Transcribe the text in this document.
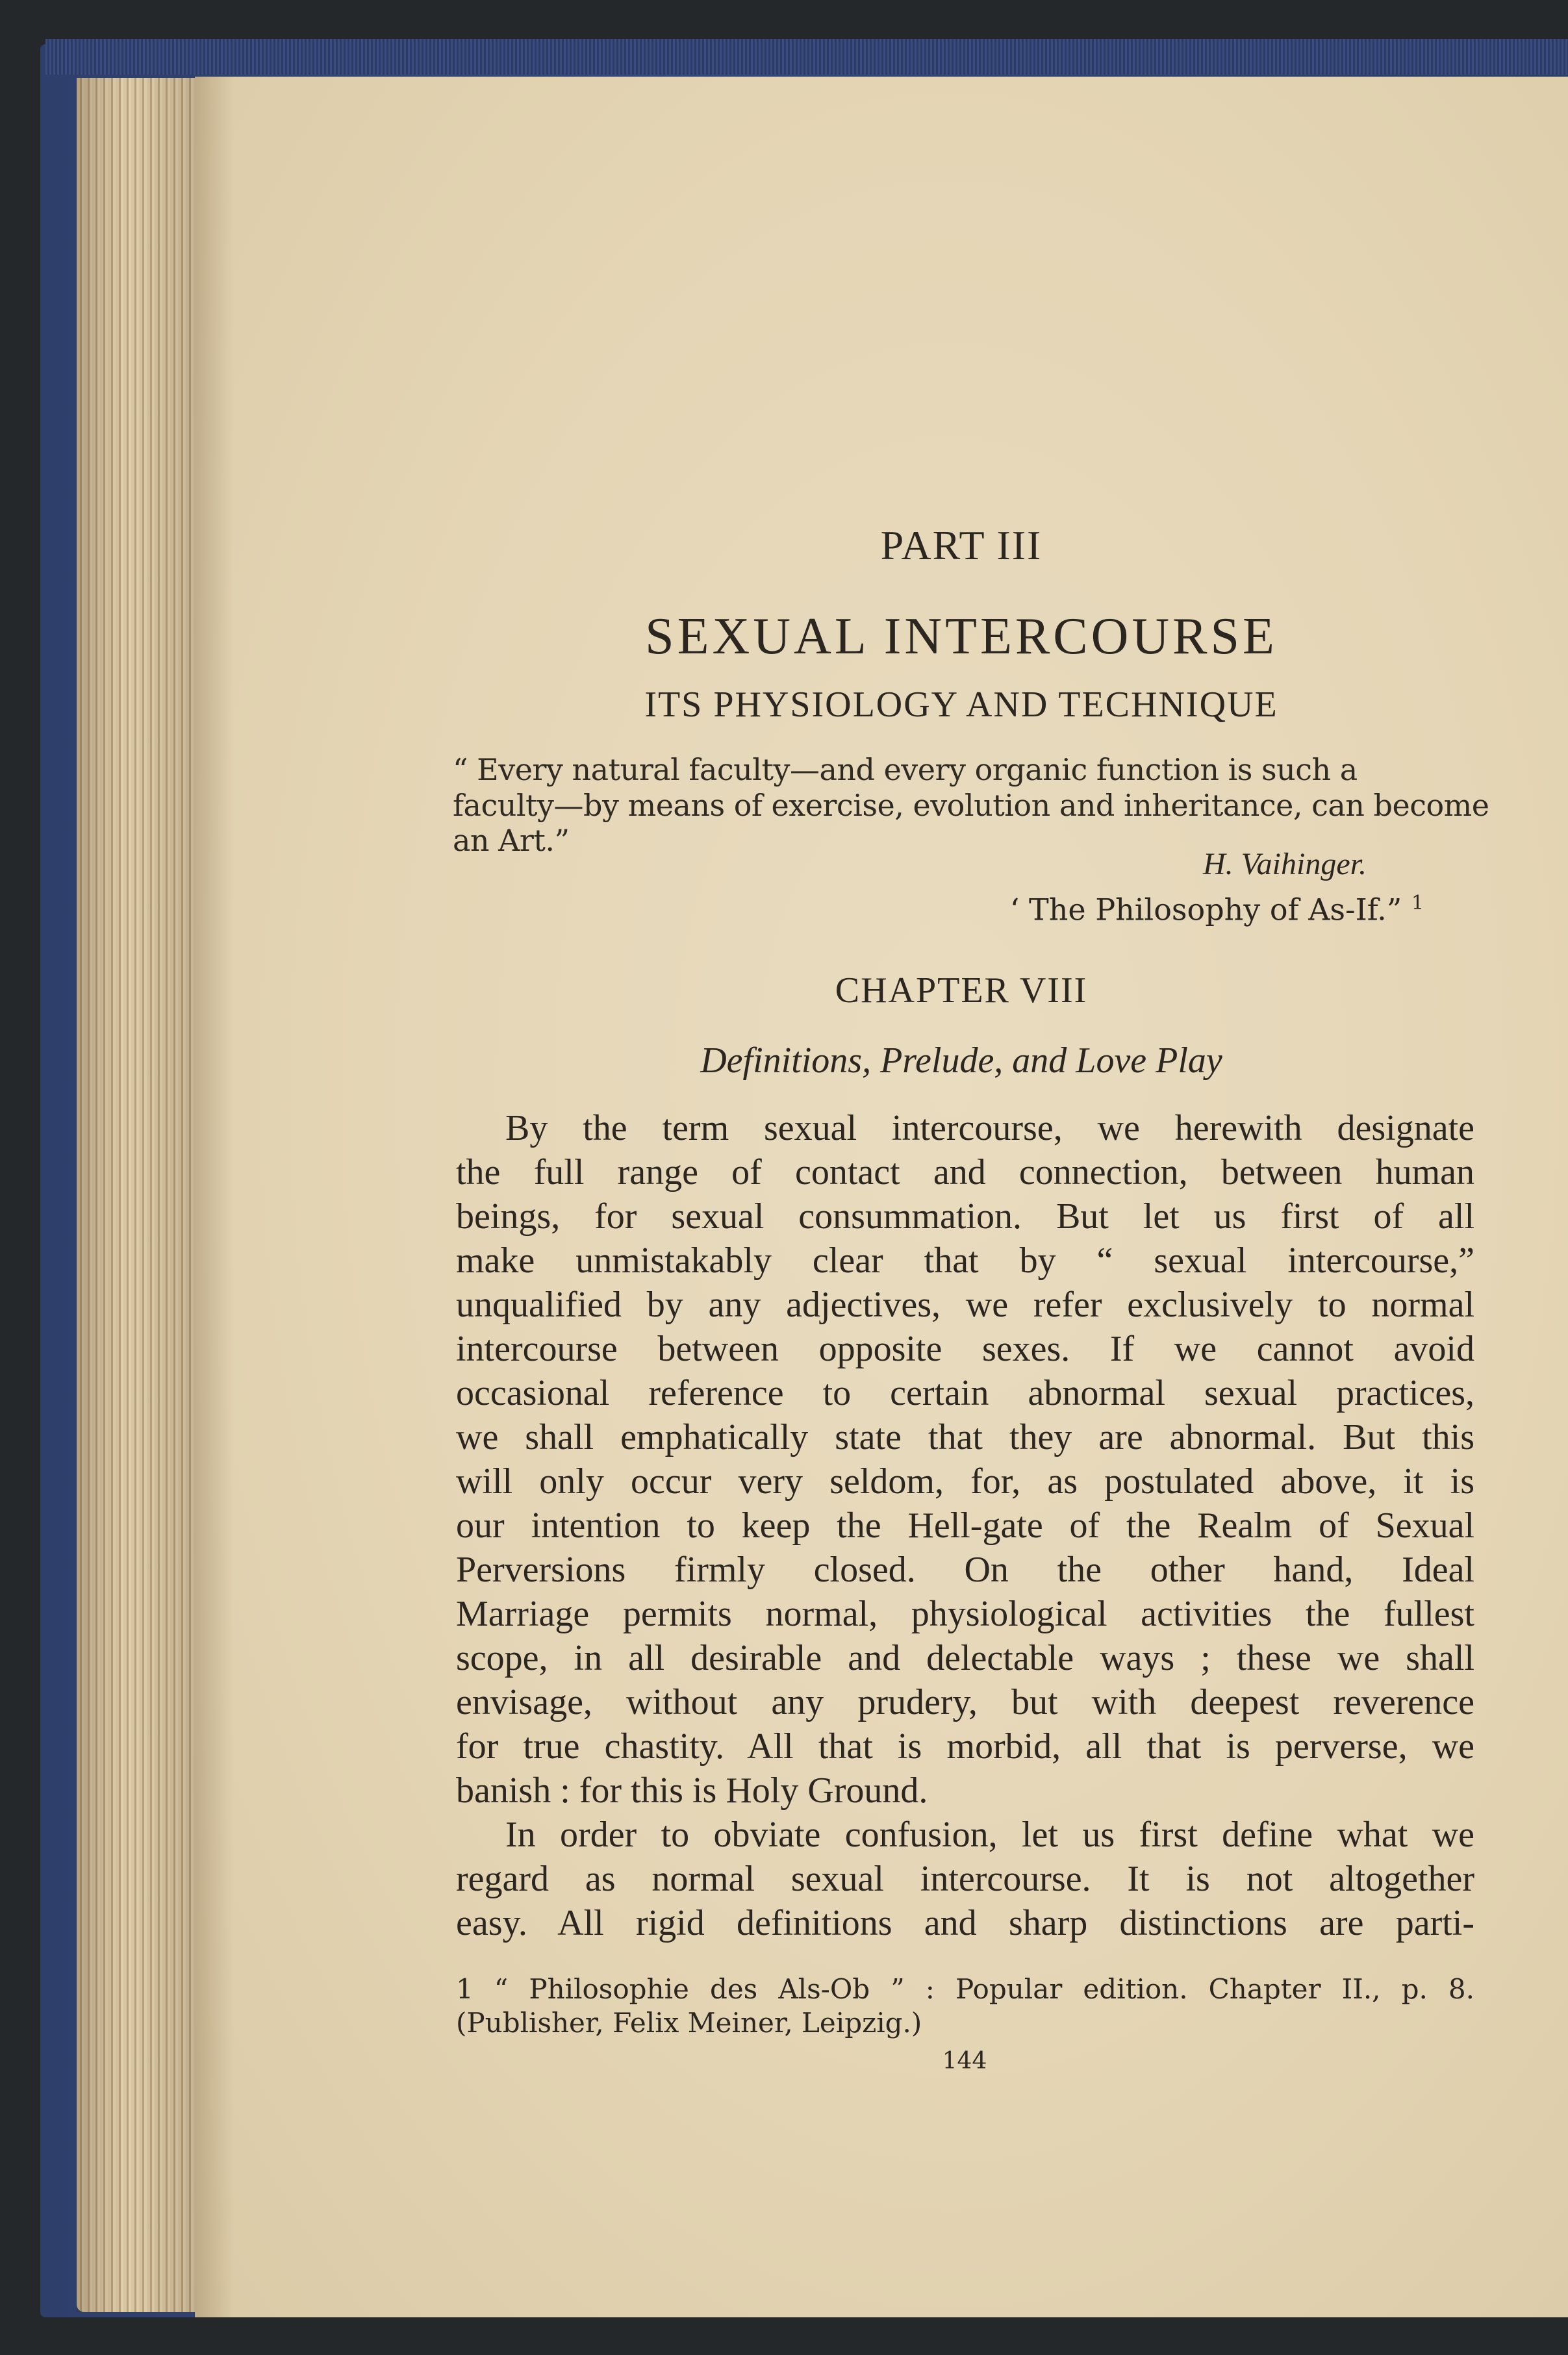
PART III
SEXUAL INTERCOURSE
ITS PHYSIOLOGY AND TECHNIQUE
“ Every natural faculty—and every organic function is such a
faculty—by means of exercise, evolution and inheritance, can become
an Art.”
H. Vaihinger.
‘ The Philosophy of As-If.” $^1$
CHAPTER VIII
Definitions, Prelude, and Love Play
By the term sexual intercourse, we herewith designate
the full range of contact and connection, between human
beings, for sexual consummation. But let us first of all
make unmistakably clear that by “ sexual intercourse,”
unqualified by any adjectives, we refer exclusively to normal
intercourse between opposite sexes. If we cannot avoid
occasional reference to certain abnormal sexual practices,
we shall emphatically state that they are abnormal. But this
will only occur very seldom, for, as postulated above, it is
our intention to keep the Hell-gate of the Realm of Sexual
Perversions firmly closed. On the other hand, Ideal
Marriage permits normal, physiological activities the fullest
scope, in all desirable and delectable ways ; these we shall
envisage, without any prudery, but with deepest reverence
for true chastity. All that is morbid, all that is perverse, we
banish : for this is Holy Ground.
In order to obviate confusion, let us first define what we
regard as normal sexual intercourse. It is not altogether
easy. All rigid definitions and sharp distinctions are parti-
1 “ Philosophie des Als-Ob ” : Popular edition. Chapter II., p. 8.
(Publisher, Felix Meiner, Leipzig.)
144
